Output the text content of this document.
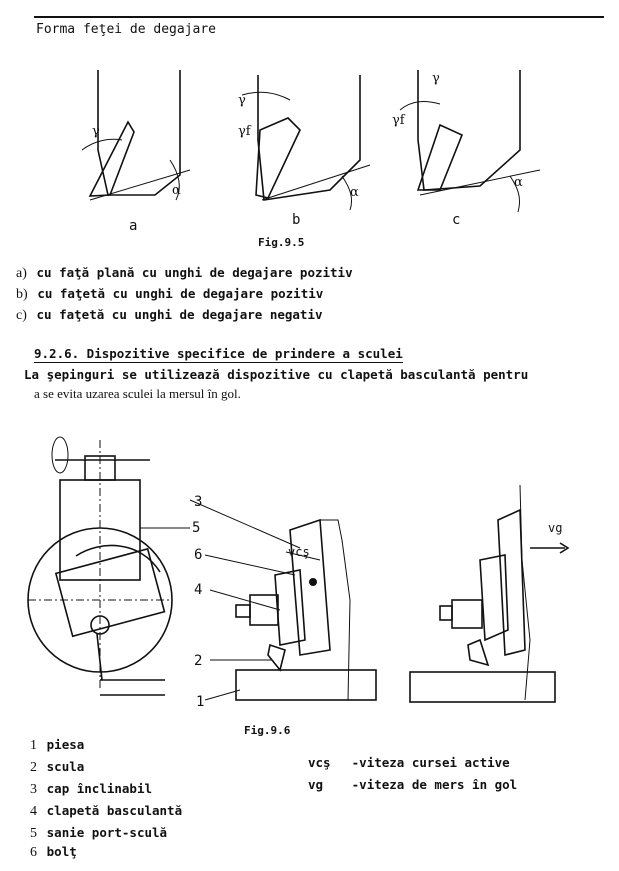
Forma feţei de degajare
γ
α
γ
γf
α
γ
γf
α
a	b	c
Fig.9.5
a) cu faţă plană cu unghi de degajare pozitiv
b) cu faţetă cu unghi de degajare pozitiv
c) cu faţetă cu unghi de degajare negativ
9.2.6. Dispozitive specifice de prindere a sculei
La şepinguri se utilizează dispozitive cu clapetă basculantă pentru
a se evita uzarea sculei la mersul în gol.
vcş
vg
3
6
4
2
1
5
Fig.9.6
1 piesa
2 scula
3 cap înclinabil
4 clapetă basculantă
5 sanie port-sculă
6 bolţ
vcş -viteza cursei active
vg -viteza de mers în gol
